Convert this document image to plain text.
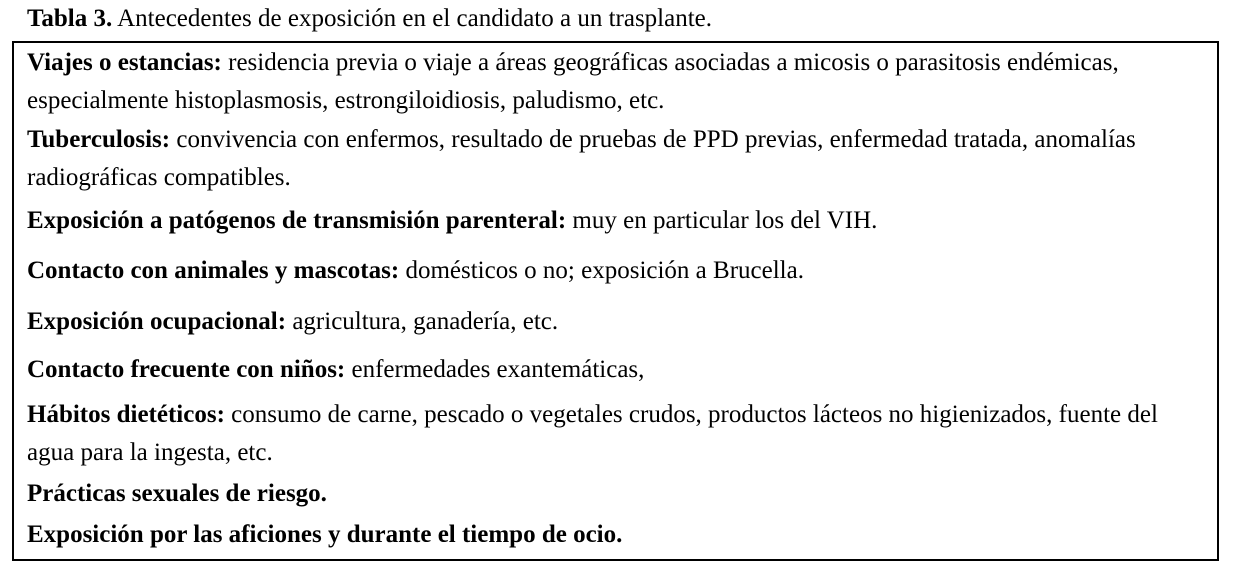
Tabla 3. Antecedentes de exposición en el candidato a un trasplante.
Viajes o estancias: residencia previa o viaje a áreas geográficas asociadas a micosis o parasitosis endémicas, especialmente histoplasmosis, estrongiloidiosis, paludismo, etc.
Tuberculosis: convivencia con enfermos, resultado de pruebas de PPD previas, enfermedad tratada, anomalías radiográficas compatibles.
Exposición a patógenos de transmisión parenteral: muy en particular los del VIH.
Contacto con animales y mascotas: domésticos o no; exposición a Brucella.
Exposición ocupacional: agricultura, ganadería, etc.
Contacto frecuente con niños: enfermedades exantemáticas,
Hábitos dietéticos: consumo de carne, pescado o vegetales crudos, productos lácteos no higienizados, fuente del agua para la ingesta, etc.
Prácticas sexuales de riesgo.
Exposición por las aficiones y durante el tiempo de ocio.
